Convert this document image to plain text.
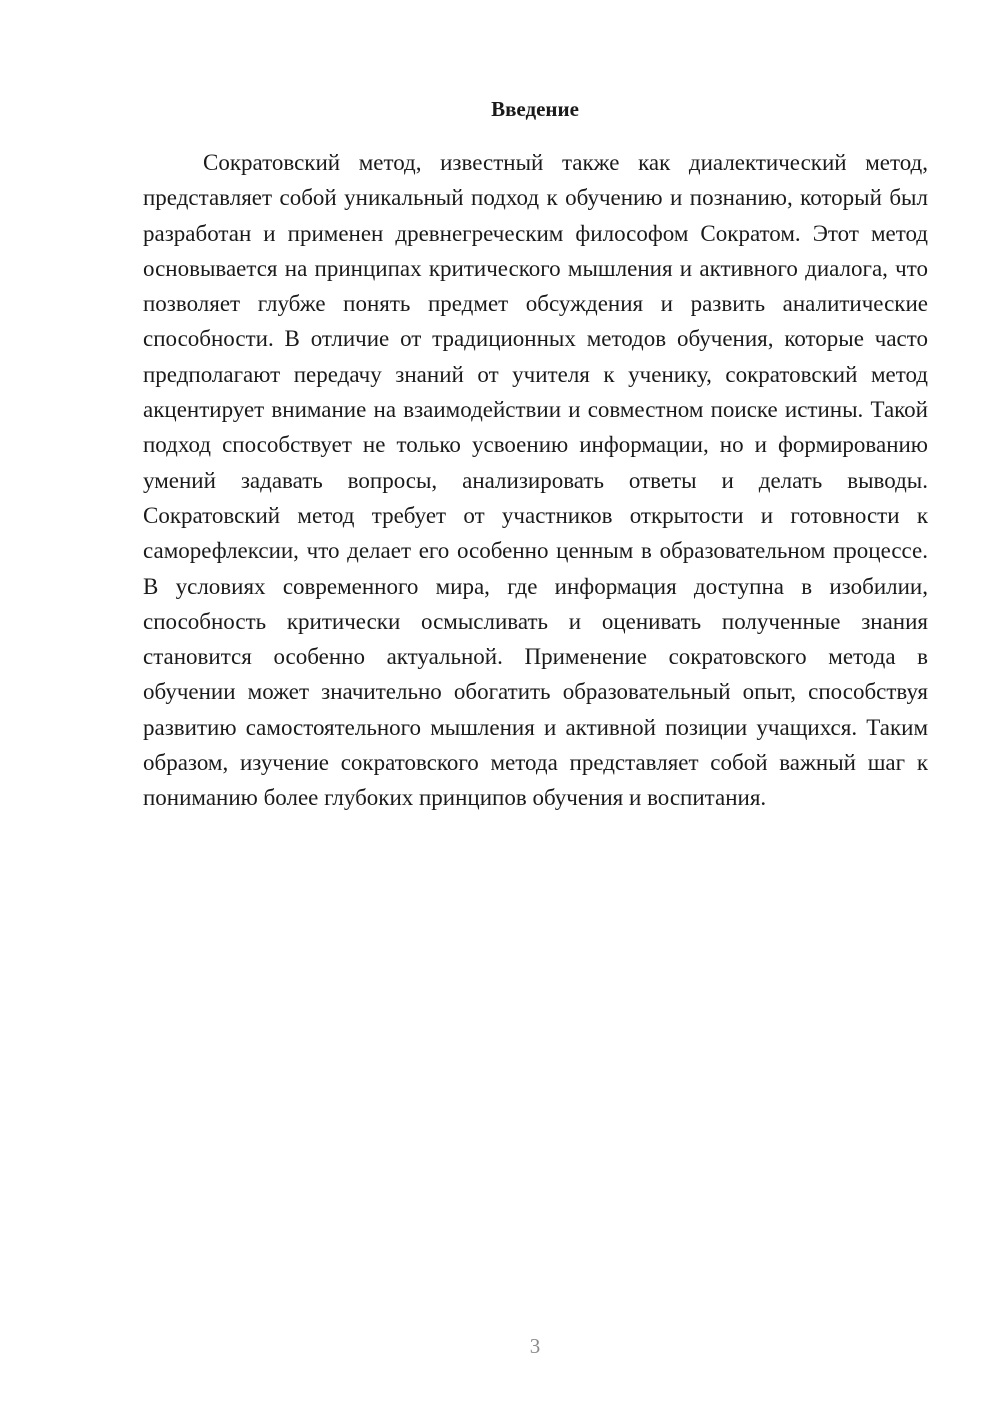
Введение

Сократовский метод, известный также как диалектический метод, представляет собой уникальный подход к обучению и познанию, который был разработан и применен древнегреческим философом Сократом. Этот метод основывается на принципах критического мышления и активного диалога, что позволяет глубже понять предмет обсуждения и развить аналитические способности. В отличие от традиционных методов обучения, которые часто предполагают передачу знаний от учителя к ученику, сократовский метод акцентирует внимание на взаимодействии и совместном поиске истины. Такой подход способствует не только усвоению информации, но и формированию умений задавать вопросы, анализировать ответы и делать выводы. Сократовский метод требует от участников открытости и готовности к саморефлексии, что делает его особенно ценным в образовательном процессе. В условиях современного мира, где информация доступна в изобилии, способность критически осмысливать и оценивать полученные знания становится особенно актуальной. Применение сократовского метода в обучении может значительно обогатить образовательный опыт, способствуя развитию самостоятельного мышления и активной позиции учащихся. Таким образом, изучение сократовского метода представляет собой важный шаг к пониманию более глубоких принципов обучения и воспитания.

3
